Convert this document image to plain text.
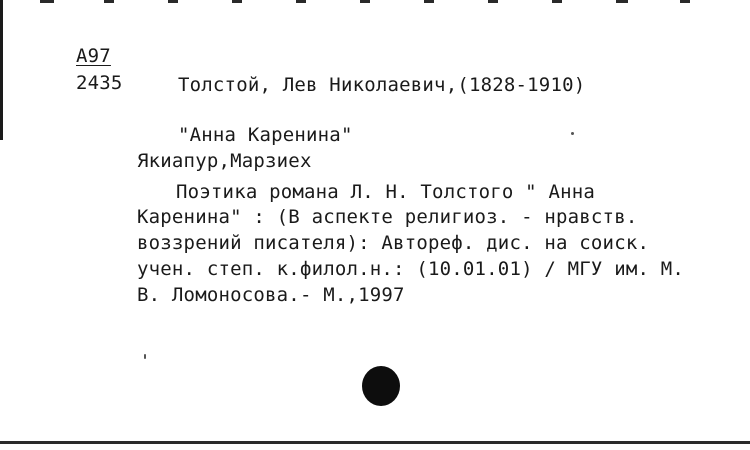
А97
2435	Толстой, Лев Николаевич,(1828-1910)
"Анна Каренина"
Якиапур,Марзиех
Поэтика романа Л. Н. Толстого " Анна
Каренина" : (В аспекте религиоз. - нравств.
воззрений писателя): Автореф. дис. на соиск.
учен. степ. к.филол.н.: (10.01.01) / МГУ им. М.
В. Ломоносова.- М.,1997
